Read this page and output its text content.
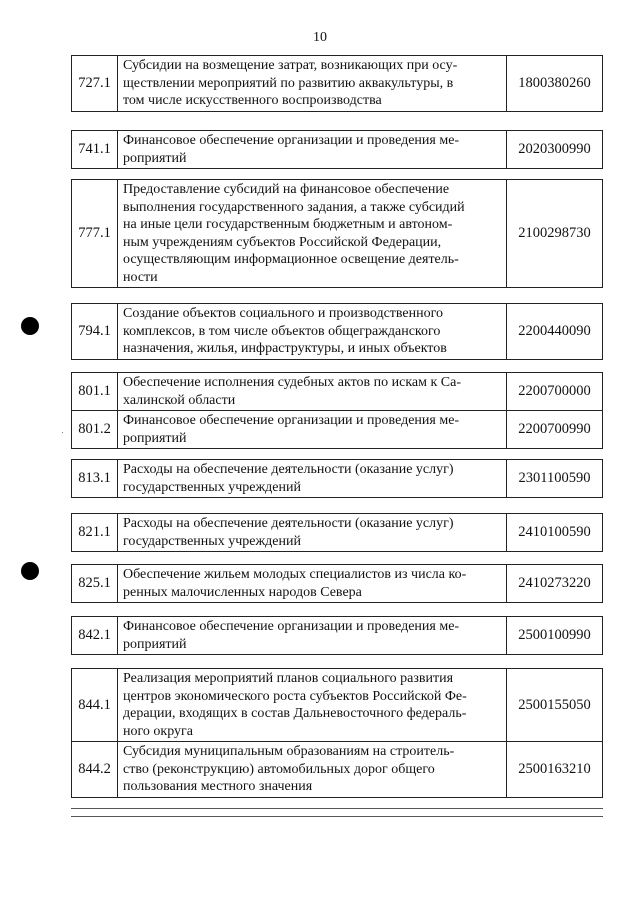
10
727.1
Субсидии на возмещение затрат, возникающих при осу-
ществлении мероприятий по развитию аквакультуры, в
том числе искусственного воспроизводства
1800380260
741.1
Финансовое обеспечение организации и проведения ме-
роприятий
2020300990
777.1
Предоставление субсидий на финансовое обеспечение
выполнения государственного задания, а также субсидий
на иные цели государственным бюджетным и автоном-
ным учреждениям субъектов Российской Федерации,
осуществляющим информационное освещение деятель-
ности
2100298730
794.1
Создание объектов социального и производственного
комплексов, в том числе объектов общегражданского
назначения, жилья, инфраструктуры, и иных объектов
2200440090
801.1
Обеспечение исполнения судебных актов по искам к Са-
халинской области
2200700000
801.2
Финансовое обеспечение организации и проведения ме-
роприятий
2200700990
813.1
Расходы на обеспечение деятельности (оказание услуг)
государственных учреждений
2301100590
821.1
Расходы на обеспечение деятельности (оказание услуг)
государственных учреждений
2410100590
825.1
Обеспечение жильем молодых специалистов из числа ко-
ренных малочисленных народов Севера
2410273220
842.1
Финансовое обеспечение организации и проведения ме-
роприятий
2500100990
844.1
Реализация мероприятий планов социального развития
центров экономического роста субъектов Российской Фе-
дерации, входящих в состав Дальневосточного федераль-
ного округа
2500155050
844.2
Субсидия муниципальным образованиям на строитель-
ство (реконструкцию) автомобильных дорог общего
пользования местного значения
2500163210
